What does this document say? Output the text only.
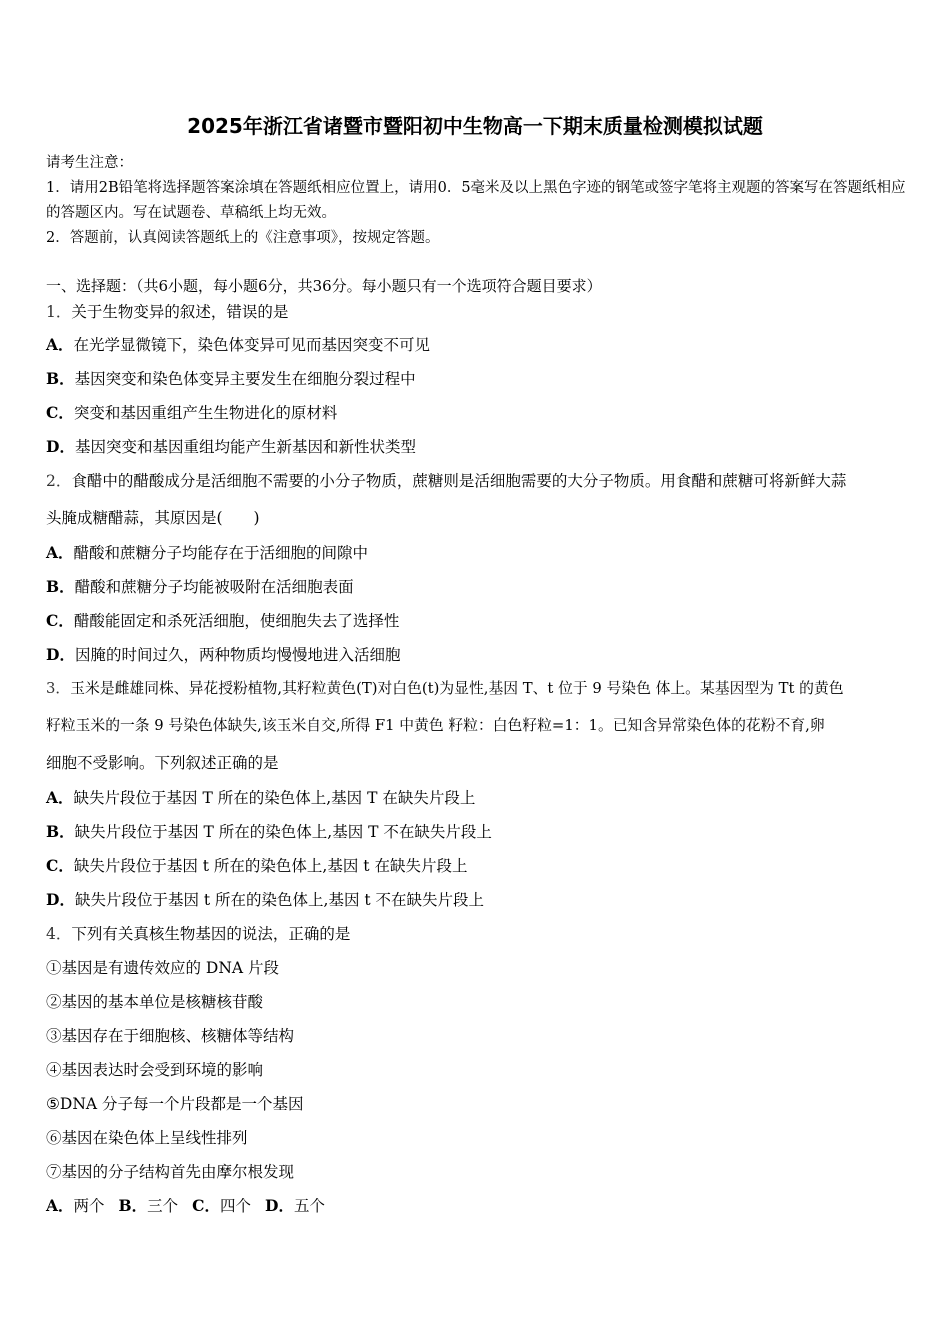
2025年浙江省诸暨市暨阳初中生物高一下期末质量检测模拟试题
请考生注意：
1．请用2B铅笔将选择题答案涂填在答题纸相应位置上，请用0．5毫米及以上黑色字迹的钢笔或签字笔将主观题的答案写在答题纸相应的答题区内。写在试题卷、草稿纸上均无效。
2．答题前，认真阅读答题纸上的《注意事项》，按规定答题。
一、选择题：（共6小题，每小题6分，共36分。每小题只有一个选项符合题目要求）
1．关于生物变异的叙述，错误的是
A．在光学显微镜下，染色体变异可见而基因突变不可见
B．基因突变和染色体变异主要发生在细胞分裂过程中
C．突变和基因重组产生生物进化的原材料
D．基因突变和基因重组均能产生新基因和新性状类型
2．食醋中的醋酸成分是活细胞不需要的小分子物质，蔗糖则是活细胞需要的大分子物质。用食醋和蔗糖可将新鲜大蒜
头腌成糖醋蒜，其原因是(　　)
A．醋酸和蔗糖分子均能存在于活细胞的间隙中
B．醋酸和蔗糖分子均能被吸附在活细胞表面
C．醋酸能固定和杀死活细胞，使细胞失去了选择性
D．因腌的时间过久，两种物质均慢慢地进入活细胞
3．玉米是雌雄同株、异花授粉植物,其籽粒黄色(T)对白色(t)为显性,基因 T、t 位于 9 号染色 体上。某基因型为 Tt 的黄色
籽粒玉米的一条 9 号染色体缺失,该玉米自交,所得 F1 中黄色 籽粒：白色籽粒=1：1。已知含异常染色体的花粉不育,卵
细胞不受影响。下列叙述正确的是
A．缺失片段位于基因 T 所在的染色体上,基因 T 在缺失片段上
B．缺失片段位于基因 T 所在的染色体上,基因 T 不在缺失片段上
C．缺失片段位于基因 t 所在的染色体上,基因 t 在缺失片段上
D．缺失片段位于基因 t 所在的染色体上,基因 t 不在缺失片段上
4．下列有关真核生物基因的说法，正确的是
①基因是有遗传效应的 DNA 片段
②基因的基本单位是核糖核苷酸
③基因存在于细胞核、核糖体等结构
④基因表达时会受到环境的影响
⑤DNA 分子每一个片段都是一个基因
⑥基因在染色体上呈线性排列
⑦基因的分子结构首先由摩尔根发现
A．两个 B．三个 C．四个 D．五个
